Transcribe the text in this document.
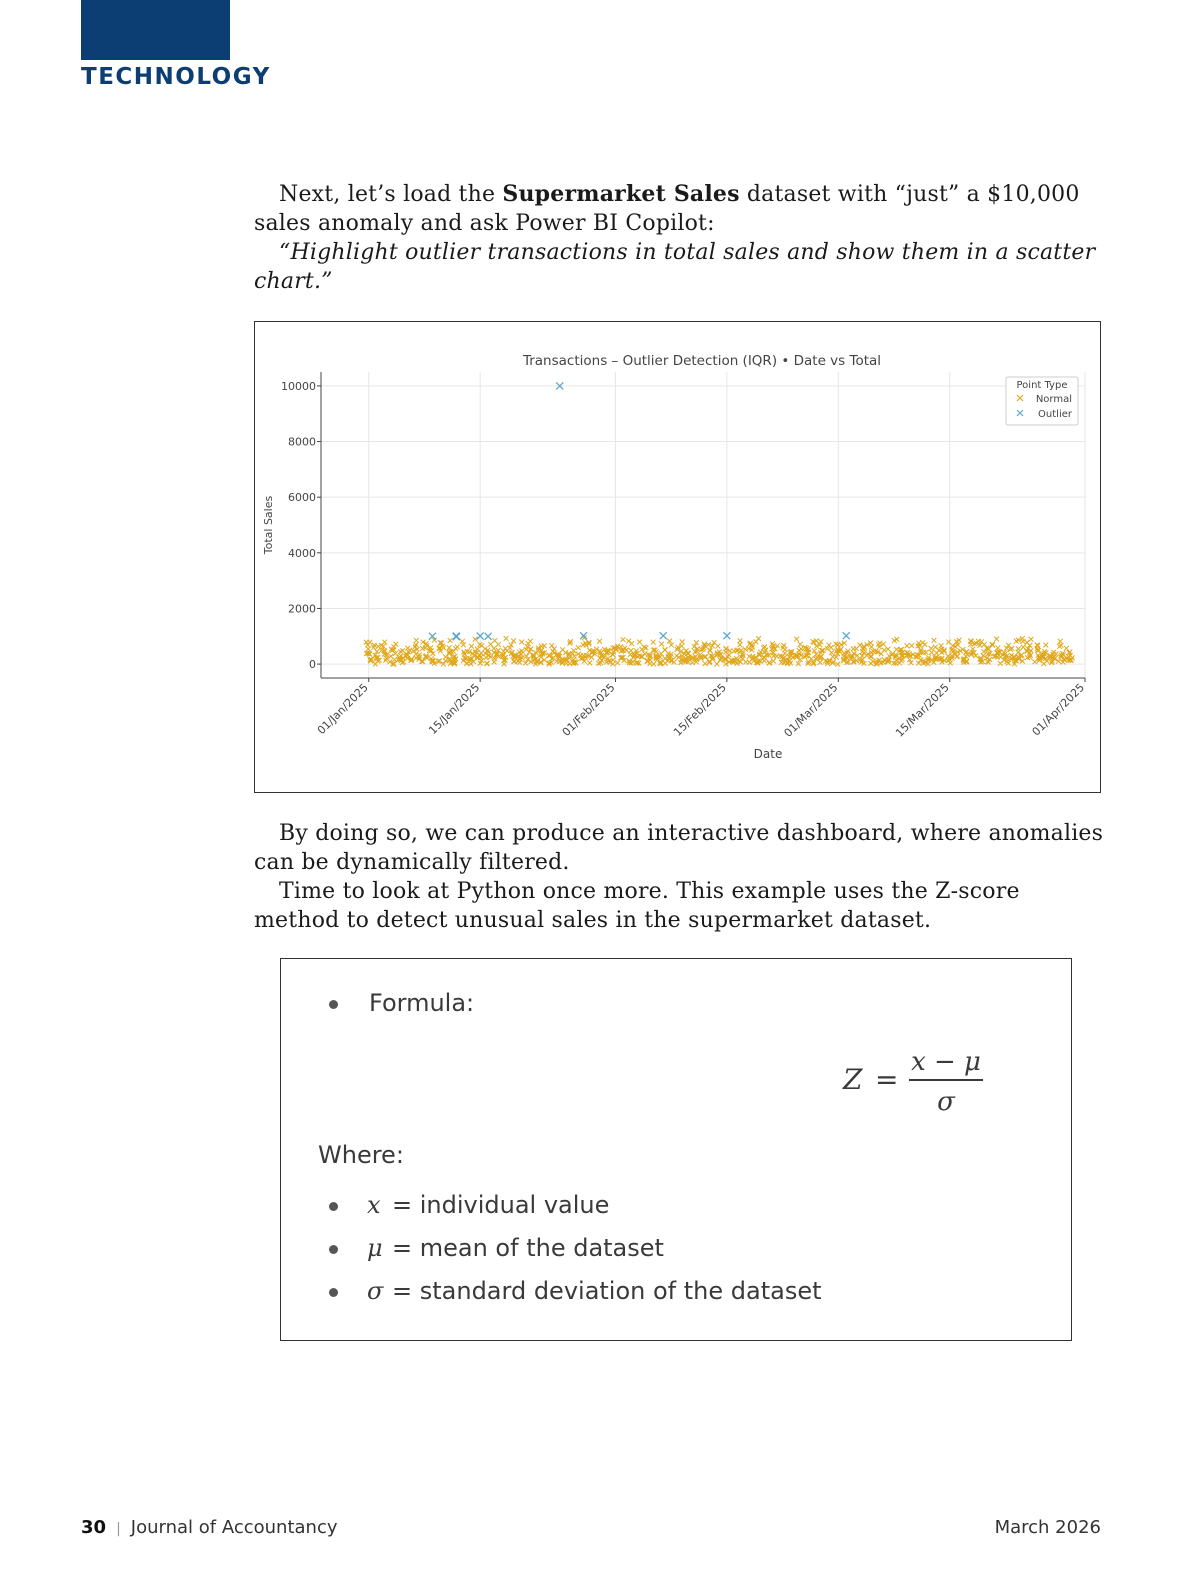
TECHNOLOGY

Next, let’s load the Supermarket Sales dataset with “just” a $10,000 sales anomaly and ask Power BI Copilot:

“Highlight outlier transactions in total sales and show them in a scatter chart.”

Transactions – Outlier Detection (IQR) • Date vs Total
0
2000
4000
6000
8000
10000
Total Sales
01/Jan/2025	15/Jan/2025	01/Feb/2025	15/Feb/2025	01/Mar/2025	15/Mar/2025	01/Apr/2025
Date
Point Type
Normal
Outlier

By doing so, we can produce an interactive dashboard, where anomalies can be dynamically filtered.

Time to look at Python once more. This example uses the Z-score method to detect unusual sales in the supermarket dataset.

Formula:
Z =
x − μ
σ
Where:
x = individual value
μ = mean of the dataset
σ = standard deviation of the dataset
30 | Journal of Accountancy	March 2026
